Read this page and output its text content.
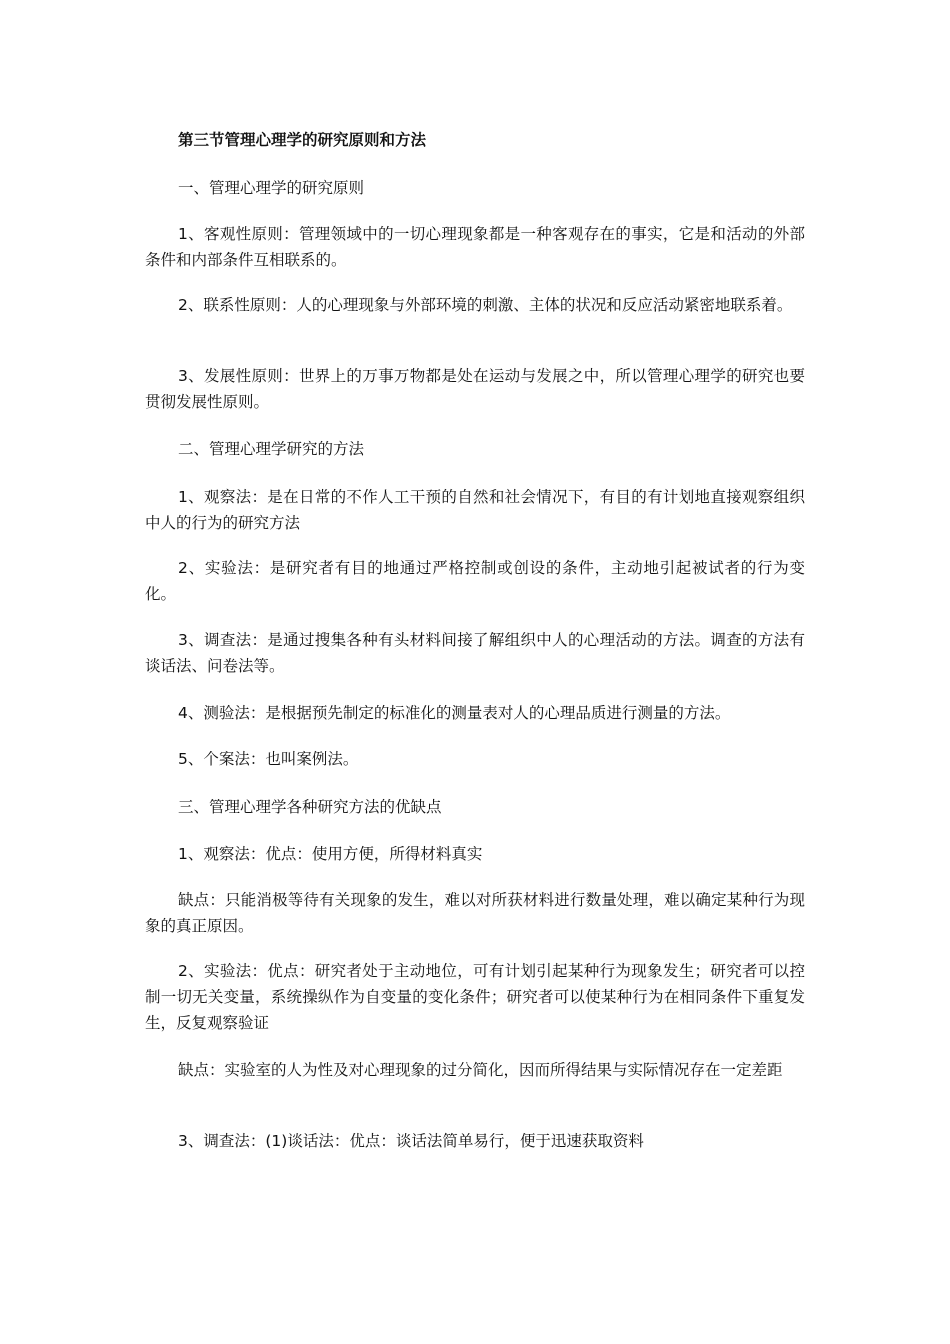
第三节管理心理学的研究原则和方法

一、管理心理学的研究原则

1、客观性原则：管理领域中的一切心理现象都是一种客观存在的事实，它是和活动的外部条件和内部条件互相联系的。

2、联系性原则：人的心理现象与外部环境的刺激、主体的状况和反应活动紧密地联系着。

3、发展性原则：世界上的万事万物都是处在运动与发展之中，所以管理心理学的研究也要贯彻发展性原则。

二、管理心理学研究的方法

1、观察法：是在日常的不作人工干预的自然和社会情况下，有目的有计划地直接观察组织中人的行为的研究方法

2、实验法：是研究者有目的地通过严格控制或创设的条件，主动地引起被试者的行为变化。

3、调查法：是通过搜集各种有头材料间接了解组织中人的心理活动的方法。调查的方法有谈话法、问卷法等。

4、测验法：是根据预先制定的标准化的测量表对人的心理品质进行测量的方法。

5、个案法：也叫案例法。

三、管理心理学各种研究方法的优缺点

1、观察法：优点：使用方便，所得材料真实

缺点：只能消极等待有关现象的发生，难以对所获材料进行数量处理，难以确定某种行为现象的真正原因。

2、实验法：优点：研究者处于主动地位，可有计划引起某种行为现象发生；研究者可以控制一切无关变量，系统操纵作为自变量的变化条件；研究者可以使某种行为在相同条件下重复发生，反复观察验证

缺点：实验室的人为性及对心理现象的过分简化，因而所得结果与实际情况存在一定差距

3、调查法：(1)谈话法：优点：谈话法简单易行，便于迅速获取资料
